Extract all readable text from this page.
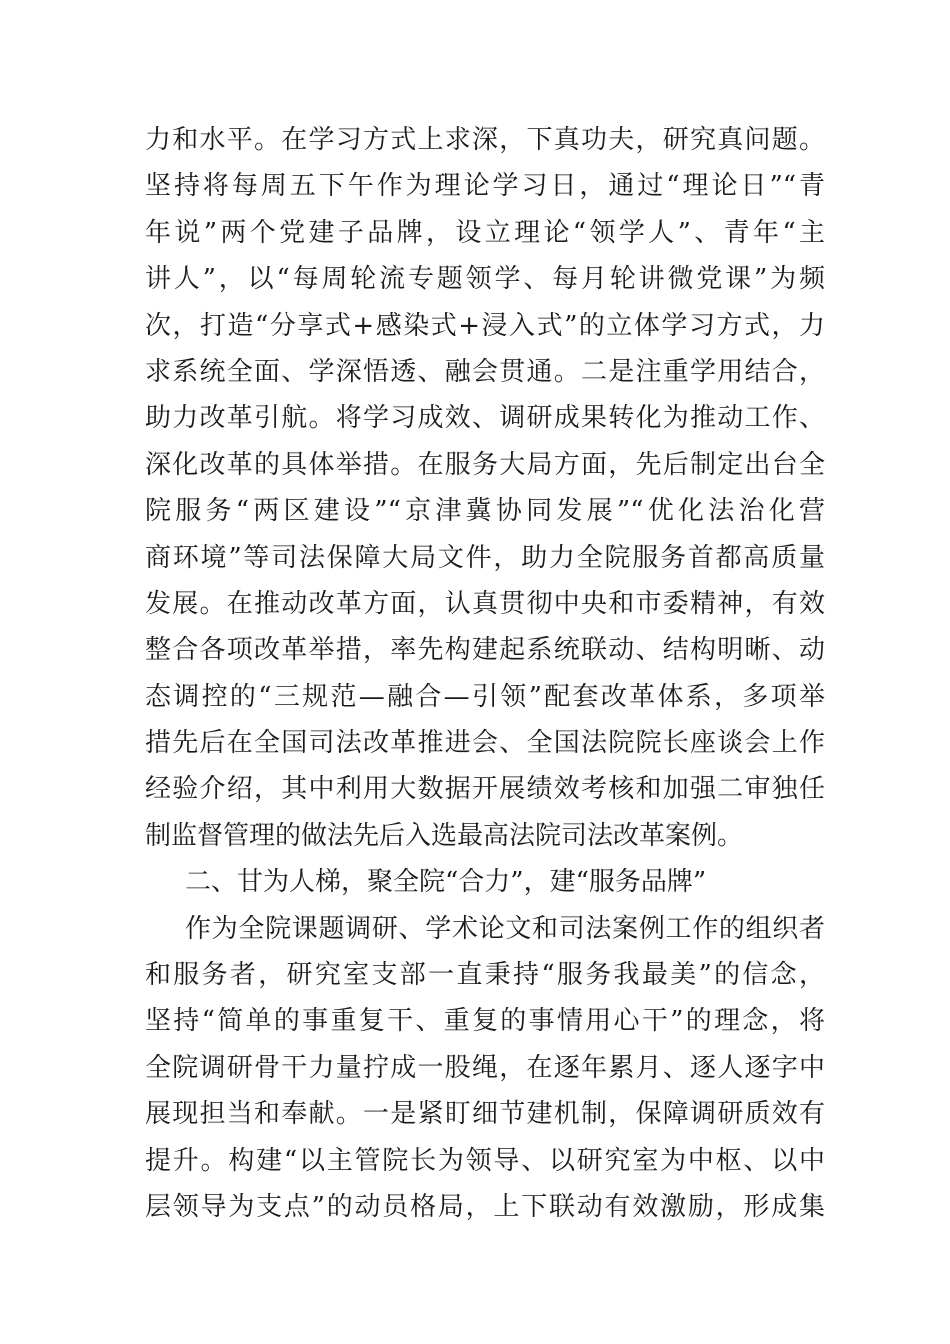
力和水平。在学习方式上求深，下真功夫，研究真问题。
坚持将每周五下午作为理论学习日，通过“理论日”“青
年说”两个党建子品牌，设立理论“领学人”、青年“主
讲人”，以“每周轮流专题领学、每月轮讲微党课”为频
次，打造“分享式+感染式+浸入式”的立体学习方式，力
求系统全面、学深悟透、融会贯通。二是注重学用结合，
助力改革引航。将学习成效、调研成果转化为推动工作、
深化改革的具体举措。在服务大局方面，先后制定出台全
院服务“两区建设”“京津冀协同发展”“优化法治化营
商环境”等司法保障大局文件，助力全院服务首都高质量
发展。在推动改革方面，认真贯彻中央和市委精神，有效
整合各项改革举措，率先构建起系统联动、结构明晰、动
态调控的“三规范—融合—引领”配套改革体系，多项举
措先后在全国司法改革推进会、全国法院院长座谈会上作
经验介绍，其中利用大数据开展绩效考核和加强二审独任
制监督管理的做法先后入选最高法院司法改革案例。
二、甘为人梯，聚全院“合力”，建“服务品牌”
作为全院课题调研、学术论文和司法案例工作的组织者
和服务者，研究室支部一直秉持“服务我最美”的信念，
坚持“简单的事重复干、重复的事情用心干”的理念，将
全院调研骨干力量拧成一股绳，在逐年累月、逐人逐字中
展现担当和奉献。一是紧盯细节建机制，保障调研质效有
提升。构建“以主管院长为领导、以研究室为中枢、以中
层领导为支点”的动员格局，上下联动有效激励，形成集
